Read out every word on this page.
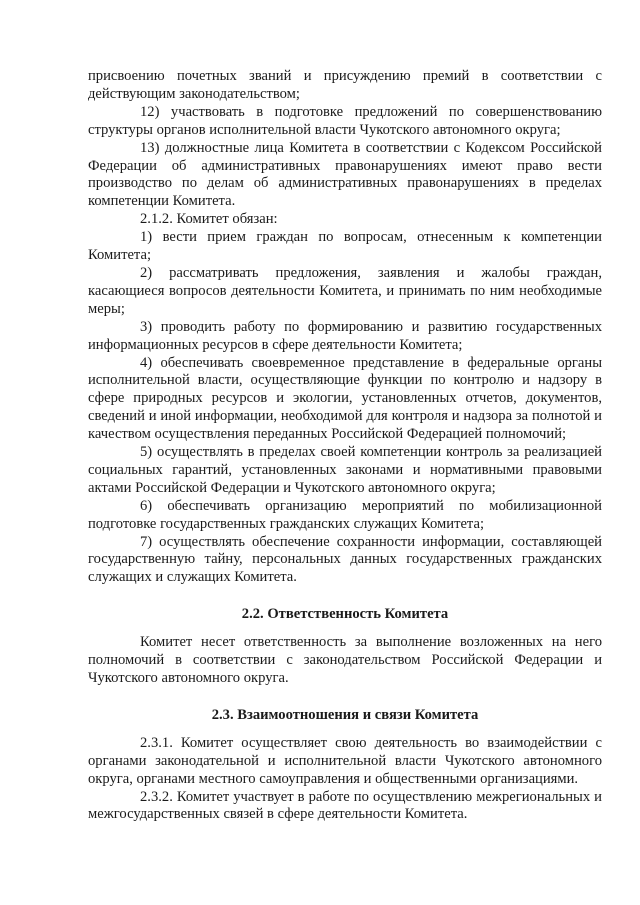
присвоению почетных званий и присуждению премий в соответствии с действующим законодательством;

12) участвовать в подготовке предложений по совершенствованию структуры органов исполнительной власти Чукотского автономного округа;

13) должностные лица Комитета в соответствии с Кодексом Российской Федерации об административных правонарушениях имеют право вести производство по делам об административных правонарушениях в пределах компетенции Комитета.

2.1.2. Комитет обязан:

1) вести прием граждан по вопросам, отнесенным к компетенции Комитета;

2) рассматривать предложения, заявления и жалобы граждан, касающиеся вопросов деятельности Комитета, и принимать по ним необходимые меры;

3) проводить работу по формированию и развитию государственных информационных ресурсов в сфере деятельности Комитета;

4) обеспечивать своевременное представление в федеральные органы исполнительной власти, осуществляющие функции по контролю и надзору в сфере природных ресурсов и экологии, установленных отчетов, документов, сведений и иной информации, необходимой для контроля и надзора за полнотой и качеством осуществления переданных Российской Федерацией полномочий;

5) осуществлять в пределах своей компетенции контроль за реализацией социальных гарантий, установленных законами и нормативными правовыми актами Российской Федерации и Чукотского автономного округа;

6) обеспечивать организацию мероприятий по мобилизационной подготовке государственных гражданских служащих Комитета;

7) осуществлять обеспечение сохранности информации, составляющей государственную тайну, персональных данных государственных гражданских служащих и служащих Комитета.

2.2. Ответственность Комитета

Комитет несет ответственность за выполнение возложенных на него полномочий в соответствии с законодательством Российской Федерации и Чукотского автономного округа.

2.3. Взаимоотношения и связи Комитета

2.3.1. Комитет осуществляет свою деятельность во взаимодействии с органами законодательной и исполнительной власти Чукотского автономного округа, органами местного самоуправления и общественными организациями.

2.3.2. Комитет участвует в работе по осуществлению межрегиональных и межгосударственных связей в сфере деятельности Комитета.
